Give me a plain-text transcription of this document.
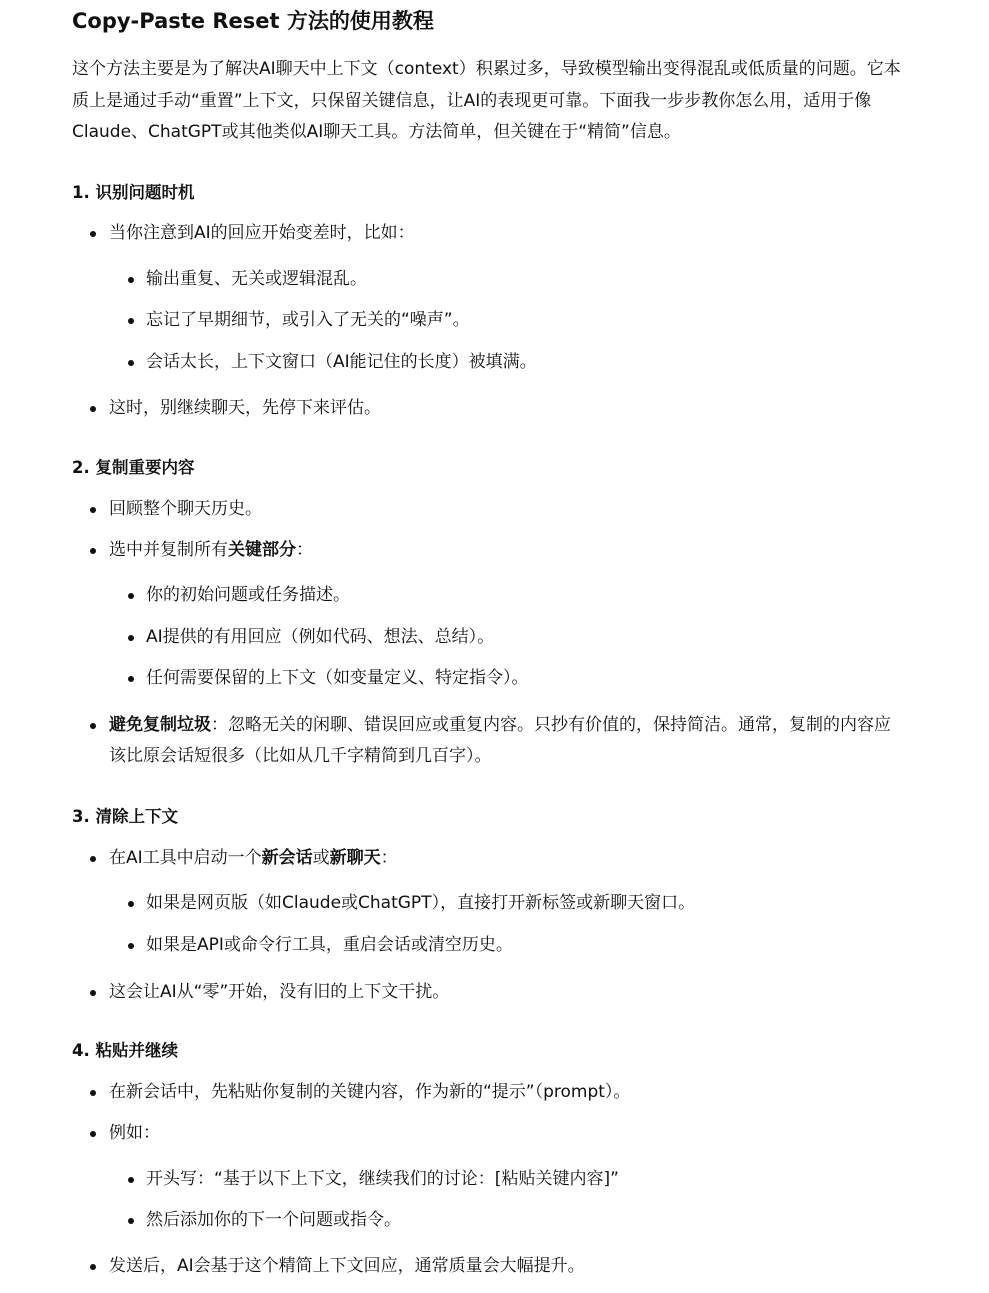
Copy-Paste Reset 方法的使用教程

这个方法主要是为了解决AI聊天中上下文（context）积累过多，导致模型输出变得混乱或低质量的问题。它本
质上是通过手动“重置”上下文，只保留关键信息，让AI的表现更可靠。下面我一步步教你怎么用，适用于像
Claude、ChatGPT或其他类似AI聊天工具。方法简单，但关键在于“精简”信息。

1. 识别问题时机
当你注意到AI的回应开始变差时，比如：
输出重复、无关或逻辑混乱。
忘记了早期细节，或引入了无关的“噪声”。
会话太长，上下文窗口（AI能记住的长度）被填满。
这时，别继续聊天，先停下来评估。
2. 复制重要内容
回顾整个聊天历史。
选中并复制所有关键部分：
你的初始问题或任务描述。
AI提供的有用回应（例如代码、想法、总结）。
任何需要保留的上下文（如变量定义、特定指令）。
避免复制垃圾：忽略无关的闲聊、错误回应或重复内容。只抄有价值的，保持简洁。通常，复制的内容应
该比原会话短很多（比如从几千字精简到几百字）。
3. 清除上下文
在AI工具中启动一个新会话或新聊天：
如果是网页版（如Claude或ChatGPT），直接打开新标签或新聊天窗口。
如果是API或命令行工具，重启会话或清空历史。
这会让AI从“零”开始，没有旧的上下文干扰。
4. 粘贴并继续
在新会话中，先粘贴你复制的关键内容，作为新的“提示”（prompt）。
例如：
开头写：“基于以下上下文，继续我们的讨论：[粘贴关键内容]”
然后添加你的下一个问题或指令。
发送后，AI会基于这个精简上下文回应，通常质量会大幅提升。
